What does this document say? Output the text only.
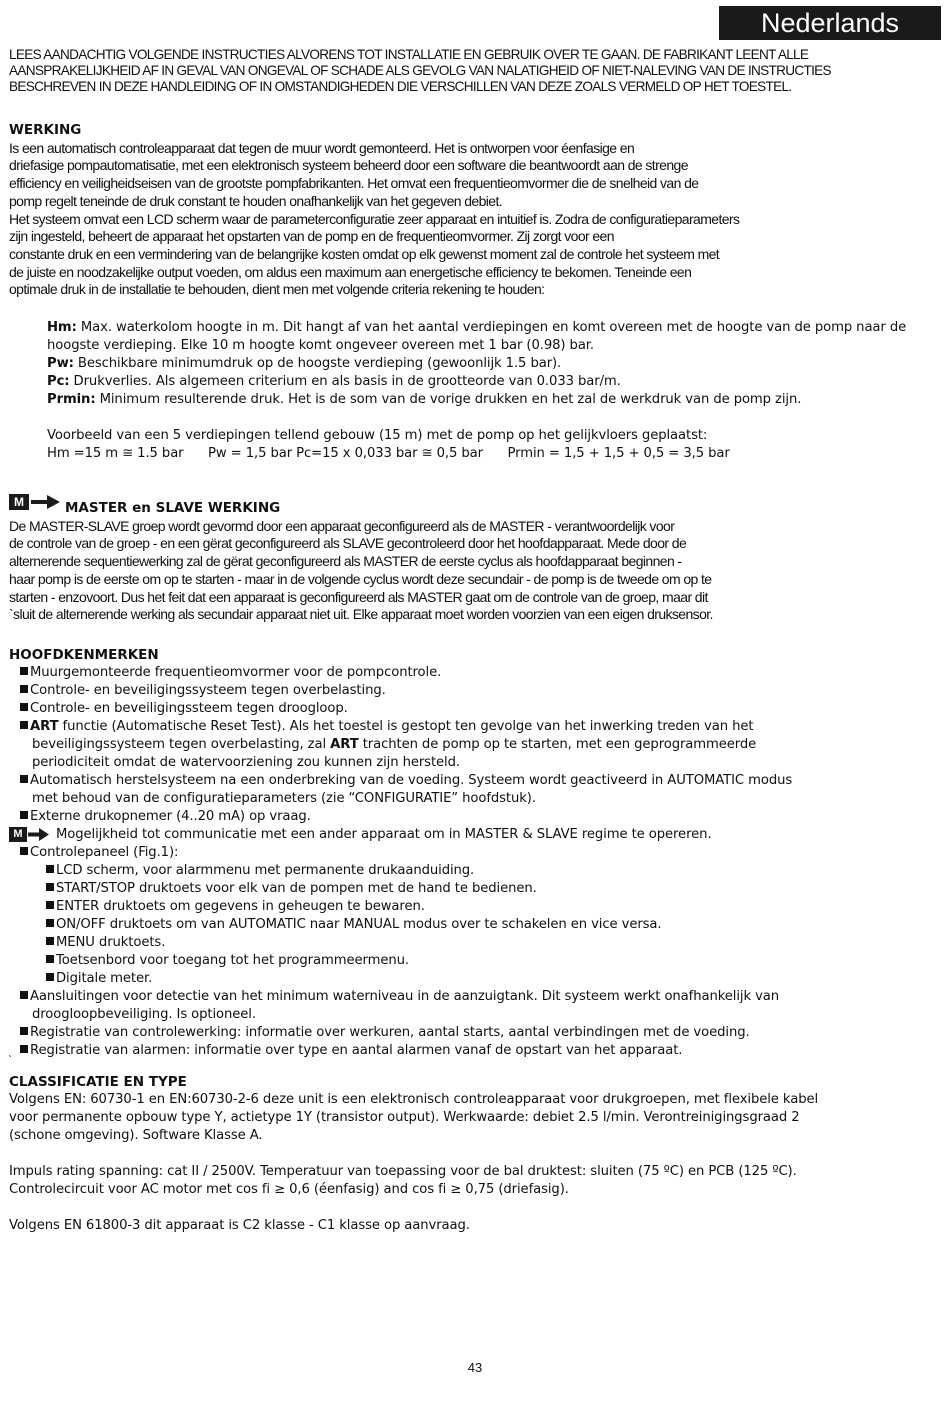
Nederlands
LEES AANDACHTIG VOLGENDE INSTRUCTIES ALVORENS TOT INSTALLATIE EN GEBRUIK OVER TE GAAN. DE FABRIKANT LEENT ALLE
AANSPRAKELIJKHEID AF IN GEVAL VAN ONGEVAL OF SCHADE ALS GEVOLG VAN NALATIGHEID OF NIET-NALEVING VAN DE INSTRUCTIES
BESCHREVEN IN DEZE HANDLEIDING OF IN OMSTANDIGHEDEN DIE VERSCHILLEN VAN DEZE ZOALS VERMELD OP HET TOESTEL.
WERKING
Is een automatisch controleapparaat dat tegen de muur wordt gemonteerd. Het is ontworpen voor éenfasige en
driefasige pompautomatisatie, met een elektronisch systeem beheerd door een software die beantwoordt aan de strenge
efficiency en veiligheidseisen van de grootste pompfabrikanten. Het omvat een frequentieomvormer die de snelheid van de
pomp regelt teneinde de druk constant te houden onafhankelijk van het gegeven debiet.
Het systeem omvat een LCD scherm waar de parameterconfiguratie zeer apparaat en intuitief is. Zodra de configuratieparameters
zijn ingesteld, beheert de apparaat het opstarten van de pomp en de frequentieomvormer. Zij zorgt voor een
constante druk en een vermindering van de belangrijke kosten omdat op elk gewenst moment zal de controle het systeem met
de juiste en noodzakelijke output voeden, om aldus een maximum aan energetische efficiency te bekomen. Teneinde een
optimale druk in de installatie te behouden, dient men met volgende criteria rekening te houden:
Hm: Max. waterkolom hoogte in m. Dit hangt af van het aantal verdiepingen en komt overeen met de hoogte van de pomp naar de
hoogste verdieping. Elke 10 m hoogte komt ongeveer overeen met 1 bar (0.98) bar.
Pw: Beschikbare minimumdruk op de hoogste verdieping (gewoonlijk 1.5 bar).
Pc: Drukverlies. Als algemeen criterium en als basis in de grootteorde van 0.033 bar/m.
Prmin: Minimum resulterende druk. Het is de som van de vorige drukken en het zal de werkdruk van de pomp zijn.
Voorbeeld van een 5 verdiepingen tellend gebouw (15 m) met de pomp op het gelijkvloers geplaatst:
Hm =15 m ≅ 1.5 bar      Pw = 1,5 bar Pc=15 x 0,033 bar ≅ 0,5 bar      Prmin = 1,5 + 1,5 + 0,5 = 3,5 bar
M	MASTER en SLAVE WERKING
De MASTER-SLAVE groep wordt gevormd door een apparaat geconfigureerd als de MASTER - verantwoordelijk voor
de controle van de groep - en een gërat geconfigureerd als SLAVE gecontroleerd door het hoofdapparaat. Mede door de
alternerende sequentiewerking zal de gërat geconfigureerd als MASTER de eerste cyclus als hoofdapparaat beginnen -
haar pomp is de eerste om op te starten - maar in de volgende cyclus wordt deze secundair - de pomp is de tweede om op te
starten - enzovoort. Dus het feit dat een apparaat is geconfigureerd als MASTER gaat om de controle van de groep, maar dit
`sluit de alternerende werking als secundair apparaat niet uit. Elke apparaat moet worden voorzien van een eigen druksensor.
HOOFDKENMERKEN
M
Muurgemonteerde frequentieomvormer voor de pompcontrole.
Controle- en beveiligingssysteem tegen overbelasting.
Controle- en beveiligingssteem tegen droogloop.
ART functie (Automatische Reset Test). Als het toestel is gestopt ten gevolge van het inwerking treden van het
beveiligingssysteem tegen overbelasting, zal ART trachten de pomp op te starten, met een geprogrammeerde
periodiciteit omdat de watervoorziening zou kunnen zijn hersteld.
Automatisch herstelsysteem na een onderbreking van de voeding. Systeem wordt geactiveerd in AUTOMATIC modus
met behoud van de configuratieparameters (zie “CONFIGURATIE” hoofdstuk).
Externe drukopnemer (4..20 mA) op vraag.
Mogelijkheid tot communicatie met een ander apparaat om in MASTER & SLAVE regime te opereren.
Controlepaneel (Fig.1):
LCD scherm, voor alarmmenu met permanente drukaanduiding.
START/STOP druktoets voor elk van de pompen met de hand te bedienen.
ENTER druktoets om gegevens in geheugen te bewaren.
ON/OFF druktoets om van AUTOMATIC naar MANUAL modus over te schakelen en vice versa.
MENU druktoets.
Toetsenbord voor toegang tot het programmeermenu.
Digitale meter.
Aansluitingen voor detectie van het minimum waterniveau in de aanzuigtank. Dit systeem werkt onafhankelijk van
droogloopbeveiliging. Is optioneel.
Registratie van controlewerking: informatie over werkuren, aantal starts, aantal verbindingen met de voeding.
Registratie van alarmen: informatie over type en aantal alarmen vanaf de opstart van het apparaat.
`
CLASSIFICATIE EN TYPE
Volgens EN: 60730-1 en EN:60730-2-6 deze unit is een elektronisch controleapparaat voor drukgroepen, met flexibele kabel
voor permanente opbouw type Y, actietype 1Y (transistor output). Werkwaarde: debiet 2.5 l/min. Verontreinigingsgraad 2
(schone omgeving). Software Klasse A.
Impuls rating spanning: cat II / 2500V. Temperatuur van toepassing voor de bal druktest: sluiten (75 ºC) en PCB (125 ºC).
Controlecircuit voor AC motor met cos fi ≥ 0,6 (éenfasig) and cos fi ≥ 0,75 (driefasig).
Volgens EN 61800-3 dit apparaat is C2 klasse - C1 klasse op aanvraag.
43
